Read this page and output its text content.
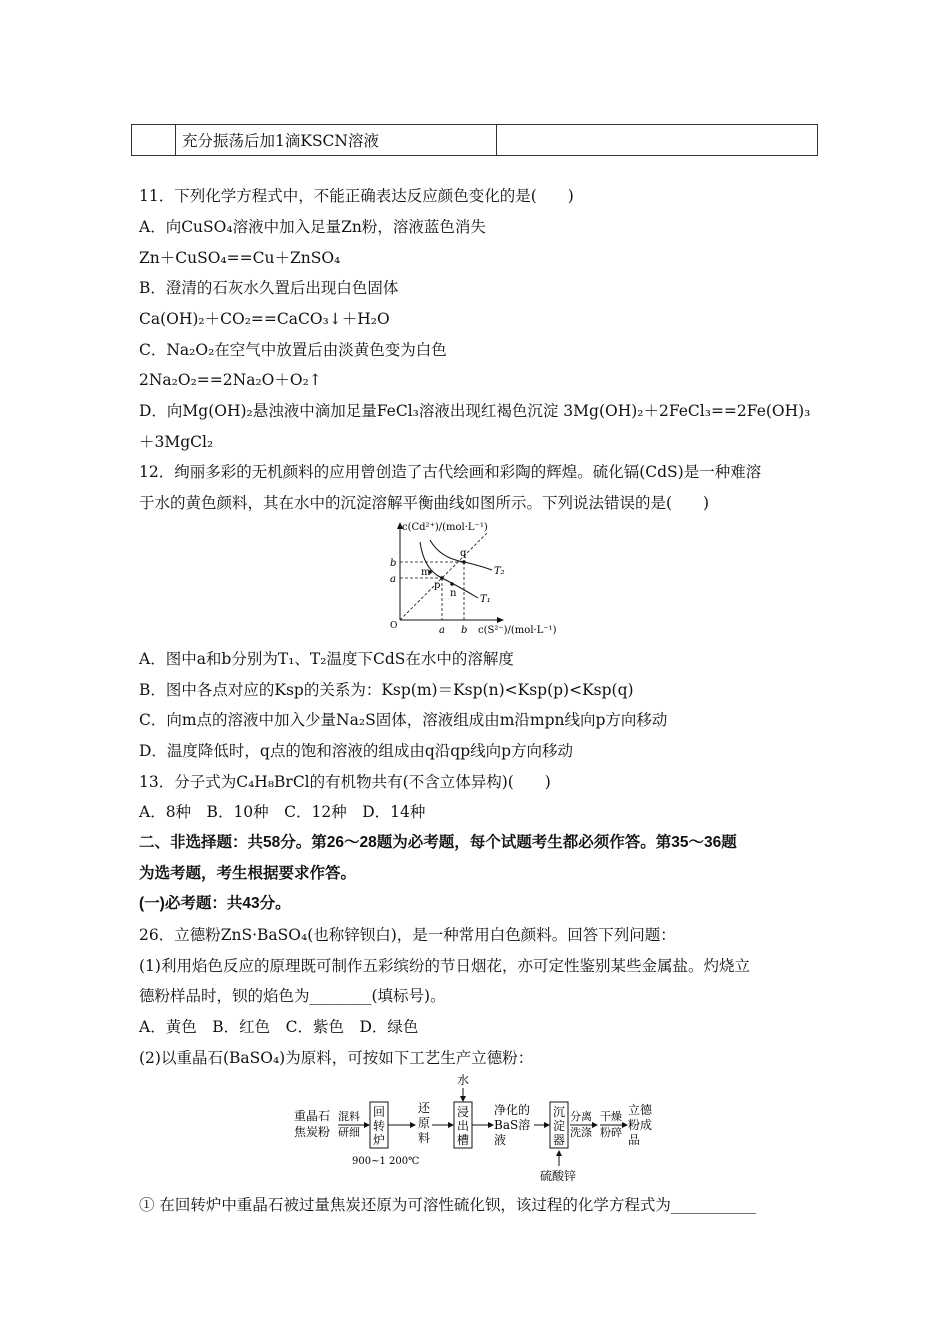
	充分振荡后加1滴KSCN溶液	
11．下列化学方程式中，不能正确表达反应颜色变化的是(　　)
A．向CuSO₄溶液中加入足量Zn粉，溶液蓝色消失
Zn＋CuSO₄==Cu＋ZnSO₄
B．澄清的石灰水久置后出现白色固体
Ca(OH)₂＋CO₂==CaCO₃↓＋H₂O
C．Na₂O₂在空气中放置后由淡黄色变为白色
2Na₂O₂==2Na₂O＋O₂↑
D．向Mg(OH)₂悬浊液中滴加足量FeCl₃溶液出现红褐色沉淀 3Mg(OH)₂＋2FeCl₃==2Fe(OH)₃
＋3MgCl₂
12．绚丽多彩的无机颜料的应用曾创造了古代绘画和彩陶的辉煌。硫化镉(CdS)是一种难溶
于水的黄色颜料，其在水中的沉淀溶解平衡曲线如图所示。下列说法错误的是(　　)
c(Cd²⁺)/(mol·L⁻¹)
c(S²⁻)/(mol·L⁻¹)
b
a
a b
O
m
p
n
q
T₂
T₁
A．图中a和b分别为T₁、T₂温度下CdS在水中的溶解度
B．图中各点对应的Ksp的关系为：Ksp(m)＝Ksp(n)<Ksp(p)<Ksp(q)
C．向m点的溶液中加入少量Na₂S固体，溶液组成由m沿mpn线向p方向移动
D．温度降低时，q点的饱和溶液的组成由q沿qp线向p方向移动
13．分子式为C₄H₈BrCl的有机物共有(不含立体异构)(　　)
A．8种　B．10种　C．12种　D．14种
二、非选择题：共58分。第26～28题为必考题，每个试题考生都必须作答。第35～36题
为选考题，考生根据要求作答。
(一)必考题：共43分。
26．立德粉ZnS·BaSO₄(也称锌钡白)，是一种常用白色颜料。回答下列问题：
(1)利用焰色反应的原理既可制作五彩缤纷的节日烟花，亦可定性鉴别某些金属盐。灼烧立
德粉样品时，钡的焰色为________(填标号)。
A．黄色　B．红色　C．紫色　D．绿色
(2)以重晶石(BaSO₄)为原料，可按如下工艺生产立德粉：
重晶石
焦炭粉
混料
研细
回
转
炉
900~1 200℃
还
原
料
水
浸
出
槽
净化的
BaS溶
液
沉
淀
器
硫酸锌
分离
洗涤
干燥
粉碎
立德
粉成
品
① 在回转炉中重晶石被过量焦炭还原为可溶性硫化钡，该过程的化学方程式为___________
